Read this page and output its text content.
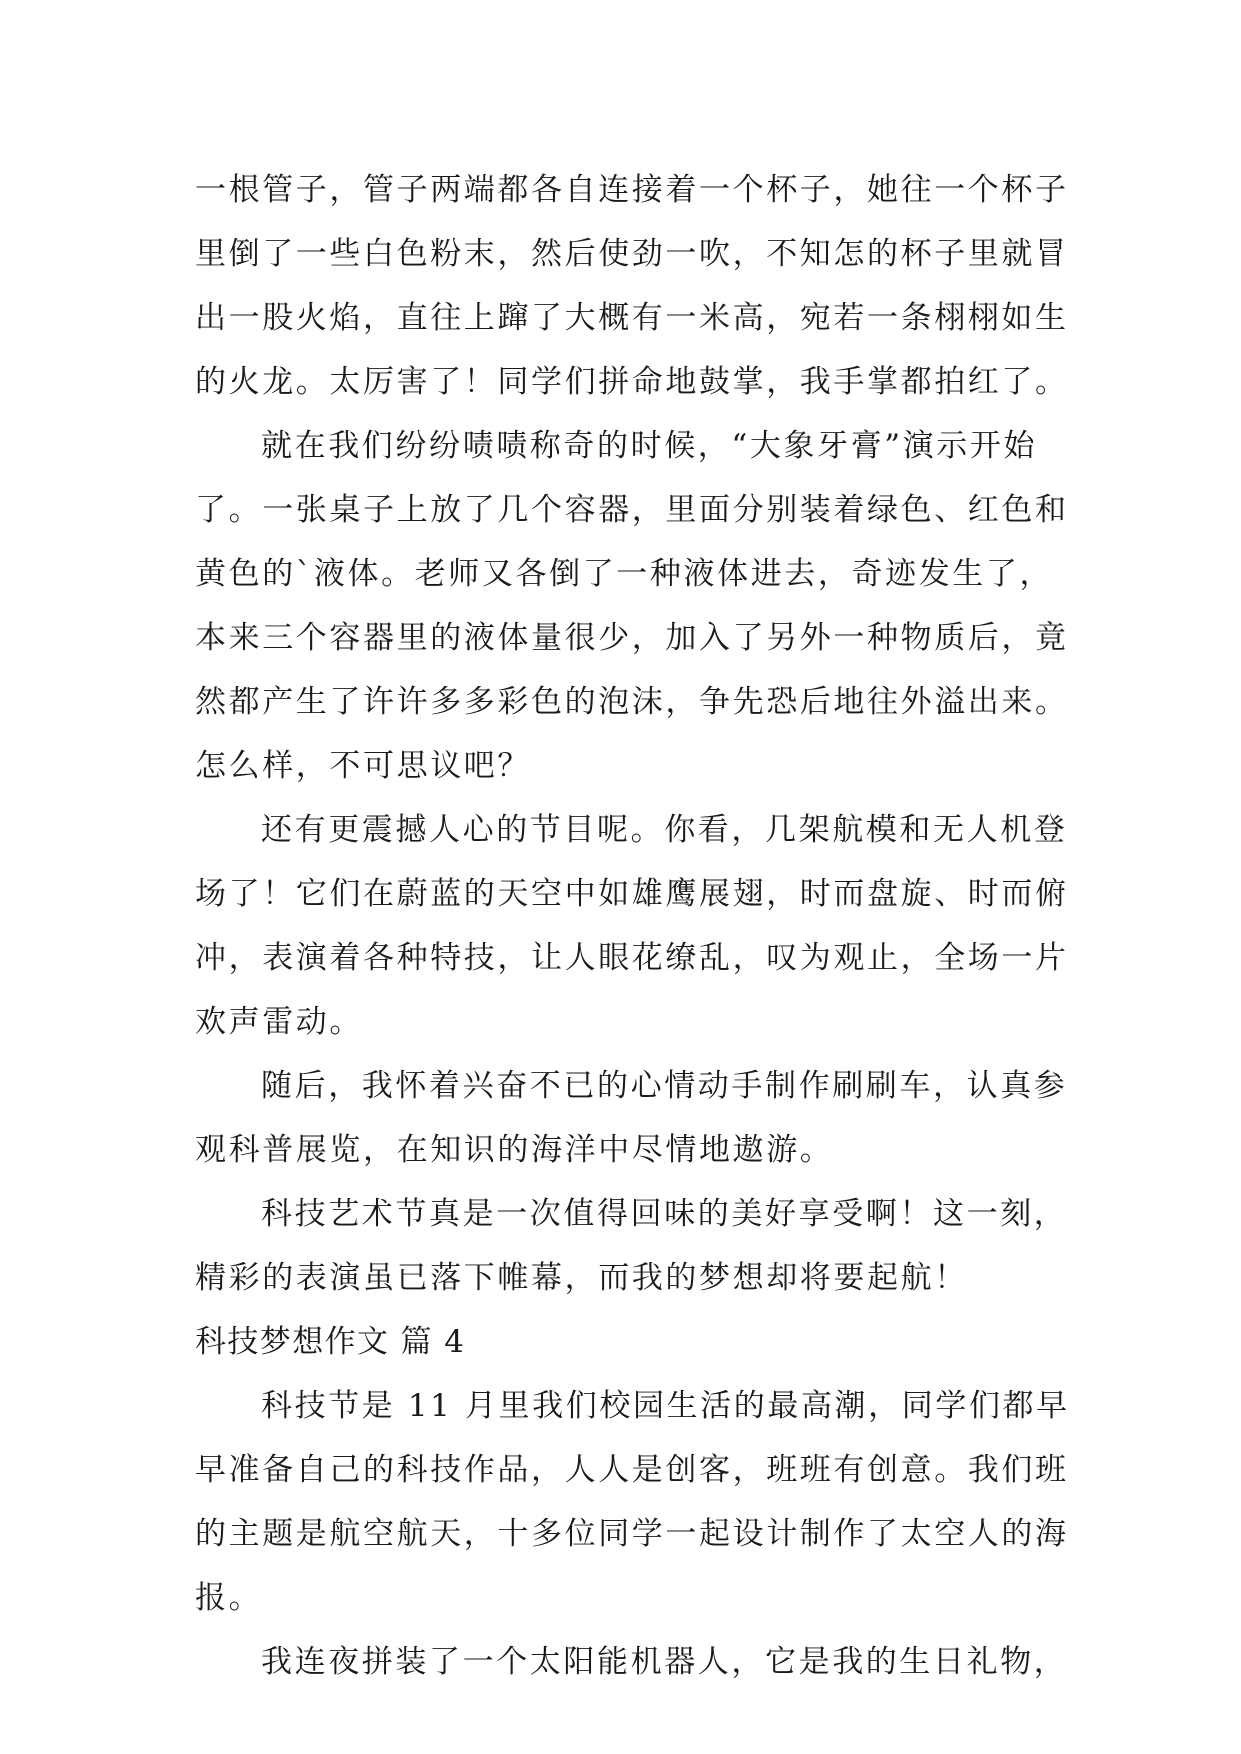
一根管子，管子两端都各自连接着一个杯子，她往一个杯子
里倒了一些白色粉末，然后使劲一吹，不知怎的杯子里就冒
出一股火焰，直往上蹿了大概有一米高，宛若一条栩栩如生
的火龙。太厉害了！同学们拼命地鼓掌，我手掌都拍红了。
就在我们纷纷啧啧称奇的时候，“大象牙膏”演示开始
了。一张桌子上放了几个容器，里面分别装着绿色、红色和
黄色的`液体。老师又各倒了一种液体进去，奇迹发生了，
本来三个容器里的液体量很少，加入了另外一种物质后，竟
然都产生了许许多多彩色的泡沫，争先恐后地往外溢出来。
怎么样，不可思议吧？
还有更震撼人心的节目呢。你看，几架航模和无人机登
场了！它们在蔚蓝的天空中如雄鹰展翅，时而盘旋、时而俯
冲，表演着各种特技，让人眼花缭乱，叹为观止，全场一片
欢声雷动。
随后，我怀着兴奋不已的心情动手制作刷刷车，认真参
观科普展览，在知识的海洋中尽情地遨游。
科技艺术节真是一次值得回味的美好享受啊！这一刻，
精彩的表演虽已落下帷幕，而我的梦想却将要起航！
科技梦想作文 篇 4
科技节是 11 月里我们校园生活的最高潮，同学们都早
早准备自己的科技作品，人人是创客，班班有创意。我们班
的主题是航空航天，十多位同学一起设计制作了太空人的海
报。
我连夜拼装了一个太阳能机器人，它是我的生日礼物，
